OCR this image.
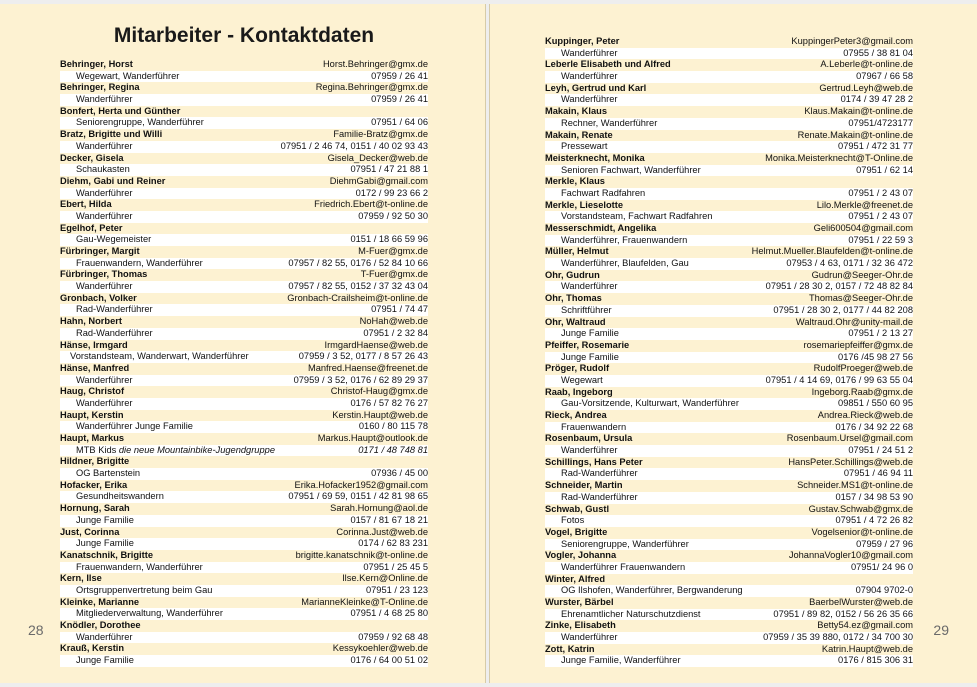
Mitarbeiter - Kontaktdaten
28	29
Behringer, Horst	Horst.Behringer@gmx.de
Wegewart, Wanderführer	07959 / 26 41
Behringer, Regina	Regina.Behringer@gmx.de
Wanderführer	07959 / 26 41
Bonfert, Herta und Günther
Seniorengruppe, Wanderführer	07951 / 64 06
Bratz, Brigitte und Willi	Familie-Bratz@gmx.de
Wanderführer	07951 / 2 46 74, 0151 / 40 02 93 43
Decker, Gisela	Gisela_Decker@web.de
Schaukasten	07951 / 47 21 88 1
Diehm, Gabi und Reiner	DiehmGabi@gmail.com
Wanderführer	0172 / 99 23 66 2
Ebert, Hilda	Friedrich.Ebert@t-online.de
Wanderführer	07959 / 92 50 30
Egelhof, Peter
Gau-Wegemeister	0151 / 18 66 59 96
Fürbringer, Margit	M-Fuer@gmx.de
Frauenwandern, Wanderführer	07957 / 82 55, 0176 / 52 84 10 66
Fürbringer, Thomas	T-Fuer@gmx.de
Wanderführer	07957 / 82 55, 0152 / 37 32 43 04
Gronbach, Volker	Gronbach-Crailsheim@t-online.de
Rad-Wanderführer	07951 / 74 47
Hahn, Norbert	NoHah@web.de
Rad-Wanderführer	07951 / 2 32 84
Hänse, Irmgard	IrmgardHaense@web.de
Vorstandsteam, Wanderwart, Wanderführer	07959 / 3 52, 0177 / 8 57 26 43
Hänse, Manfred	Manfred.Haense@freenet.de
Wanderführer	07959 / 3 52, 0176 / 62 89 29 37
Haug, Christof	Christof-Haug@gmx.de
Wanderführer	0176 / 57 82 76 27
Haupt, Kerstin	Kerstin.Haupt@web.de
Wanderführer Junge Familie	0160 / 80 115 78
Haupt, Markus	Markus.Haupt@outlook.de
MTB Kids die neue Mountainbike-Jugendgruppe	0171 / 48 748 81
Hildner, Brigitte
OG Bartenstein	07936 / 45 00
Hofacker, Erika	Erika.Hofacker1952@gmail.com
Gesundheitswandern	07951 / 69 59, 0151 / 42 81 98 65
Hornung, Sarah	Sarah.Hornung@aol.de
Junge Familie	0157 / 81 67 18 21
Just, Corinna	Corinna.Just@web.de
Junge Familie	0174 / 62 83 231
Kanatschnik, Brigitte	brigitte.kanatschnik@t-online.de
Frauenwandern, Wanderführer	07951 / 25 45 5
Kern, Ilse	Ilse.Kern@Online.de
Ortsgruppenvertretung beim Gau	07951 / 23 123
Kleinke, Marianne	MarianneKleinke@T-Online.de
Mitgliederverwaltung, Wanderführer	07951 / 4 68 25 80
Knödler, Dorothee
Wanderführer	07959 / 92 68 48
Krauß, Kerstin	Kessykoehler@web.de
Junge Familie	0176 / 64 00 51 02
Kuppinger, Peter	KuppingerPeter3@gmail.com
Wanderführer	07955 / 38 81 04
Leberle Elisabeth und Alfred	A.Leberle@t-online.de
Wanderführer	07967 / 66 58
Leyh, Gertrud und Karl	Gertrud.Leyh@web.de
Wanderführer	0174 / 39 47 28 2
Makain, Klaus	Klaus.Makain@t-online.de
Rechner, Wanderführer	07951/4723177
Makain, Renate	Renate.Makain@t-online.de
Pressewart	07951 / 472 31 77
Meisterknecht, Monika	Monika.Meisterknecht@T-Online.de
Senioren Fachwart, Wanderführer	07951 / 62 14
Merkle, Klaus
Fachwart Radfahren	07951 / 2 43 07
Merkle, Lieselotte	Lilo.Merkle@freenet.de
Vorstandsteam, Fachwart Radfahren	07951 / 2 43 07
Messerschmidt, Angelika	Geli600504@gmail.com
Wanderführer, Frauenwandern	07951 / 22 59 3
Müller, Helmut	Helmut.Mueller.Blaufelden@t-online.de
Wanderführer, Blaufelden, Gau	07953 / 4 63, 0171 / 32 36 472
Ohr, Gudrun	Gudrun@Seeger-Ohr.de
Wanderführer	07951 / 28 30 2, 0157 / 72 48 82 84
Ohr, Thomas	Thomas@Seeger-Ohr.de
Schriftführer	07951 / 28 30 2, 0177 / 44 82 208
Ohr, Waltraud	Waltraud.Ohr@unity-mail.de
Junge Familie	07951 / 2 13 27
Pfeiffer, Rosemarie	rosemariepfeiffer@gmx.de
Junge Familie	0176 /45 98 27 56
Pröger, Rudolf	RudolfProeger@web.de
Wegewart	07951 / 4 14 69, 0176 / 99 63 55 04
Raab, Ingeborg	Ingeborg.Raab@gmx.de
Gau-Vorsitzende, Kulturwart, Wanderführer	09851 / 550 60 95
Rieck, Andrea	Andrea.Rieck@web.de
Frauenwandern	0176 / 34 92 22 68
Rosenbaum, Ursula	Rosenbaum.Ursel@gmail.com
Wanderführer	07951 / 24 51 2
Schillings, Hans Peter	HansPeter.Schillings@web.de
Rad-Wanderführer	07951 / 46 94 11
Schneider, Martin	Schneider.MS1@t-online.de
Rad-Wanderführer	0157 / 34 98 53 90
Schwab, Gustl	Gustav.Schwab@gmx.de
Fotos	07951 / 4 72 26 82
Vogel, Brigitte	Vogelsenior@t-online.de
Seniorengruppe, Wanderführer	07959 / 27 96
Vogler, Johanna	JohannaVogler10@gmail.com
Wanderführer Frauenwandern	07951/ 24 96 0
Winter, Alfred
OG Ilshofen, Wanderführer, Bergwanderung	07904 9702-0
Wurster, Bärbel	BaerbelWurster@web.de
Ehrenamtlicher Naturschutzdienst	07951 / 89 82, 0152 / 56 26 35 66
Zinke, Elisabeth	Betty54.ez@gmail.com
Wanderführer	07959 / 35 39 880, 0172 / 34 700 30
Zott, Katrin	Katrin.Haupt@web.de
Junge Familie, Wanderführer	0176 / 815 306 31
